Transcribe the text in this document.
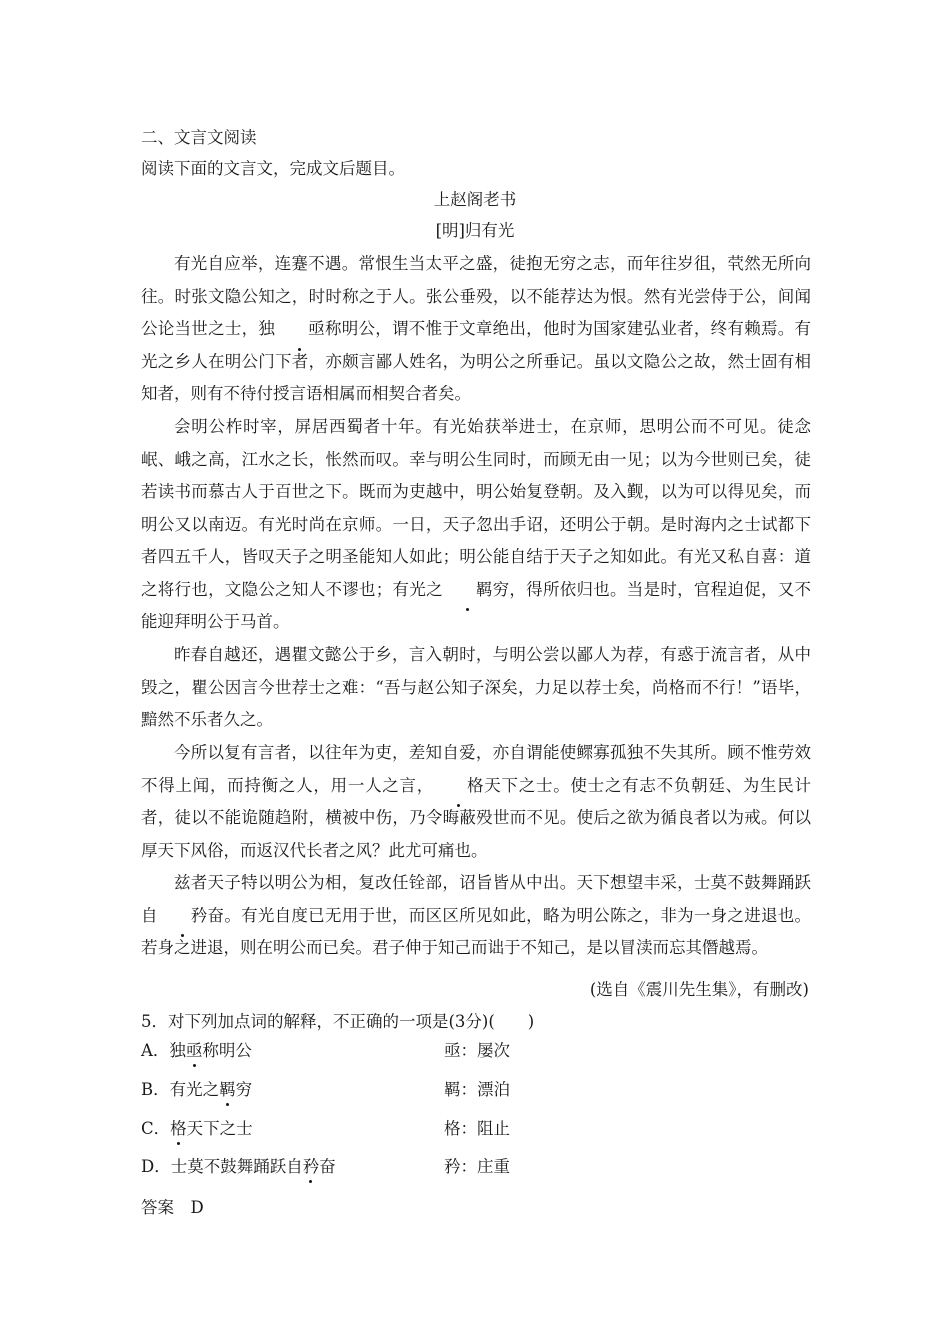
二、文言文阅读
阅读下面的文言文，完成文后题目。
上赵阁老书
[明]归有光

有光自应举，连蹇不遇。常恨生当太平之盛，徒抱无穷之志，而年往岁徂，茕然无所向往。时张文隐公知之，时时称之于人。张公垂殁，以不能荐达为恨。然有光尝侍于公，间闻公论当世之士，独 亟称明公，谓不惟于文章绝出，他时为国家建弘业者，终有赖焉。有光之乡人在明公门下者，亦颇言鄙人姓名，为明公之所垂记。虽以文隐公之故，然士固有相知者，则有不待付授言语相属而相契合者矣。

会明公柞时宰，屏居西蜀者十年。有光始获举进士，在京师，思明公而不可见。徒念岷、峨之高，江水之长，怅然而叹。幸与明公生同时，而顾无由一见；以为今世则已矣，徒若读书而慕古人于百世之下。既而为吏越中，明公始复登朝。及入觐，以为可以得见矣，而明公又以南迈。有光时尚在京师。一日，天子忽出手诏，还明公于朝。是时海内之士试都下者四五千人，皆叹天子之明圣能知人如此；明公能自结于天子之知如此。有光又私自喜：道之将行也，文隐公之知人不谬也；有光之 羁穷，得所依归也。当是时，官程迫促，又不能迎拜明公于马首。

昨春自越还，遇瞿文懿公于乡，言入朝时，与明公尝以鄙人为荐，有惑于流言者，从中毁之，瞿公因言今世荐士之难：“吾与赵公知子深矣，力足以荐士矣，尚格而不行！”语毕，黯然不乐者久之。

今所以复有言者，以往年为吏，差知自爱，亦自谓能使鳏寡孤独不失其所。顾不惟劳效不得上闻，而持衡之人，用一人之言， 格天下之士。使士之有志不负朝廷、为生民计者，徒以不能诡随趋附，横被中伤，乃令晦蔽殁世而不见。使后之欲为循良者以为戒。何以厚天下风俗，而返汉代长者之风？此尤可痛也。

兹者天子特以明公为相，复改任铨部，诏旨皆从中出。天下想望丰采，士莫不鼓舞踊跃自 矜奋。有光自度已无用于世，而区区所见如此，略为明公陈之，非为一身之进退也。若身之进退，则在明公而已矣。君子伸于知己而诎于不知己，是以冒渎而忘其僭越焉。

(选自《震川先生集》，有删改)
5．对下列加点词的解释，不正确的一项是(3分)(　　)
A．独亟称明公	亟：屡次
B．有光之羁穷	羁：漂泊
C．格天下之士	格：阻止
D．士莫不鼓舞踊跃自矜奋	矜：庄重
答案　D
